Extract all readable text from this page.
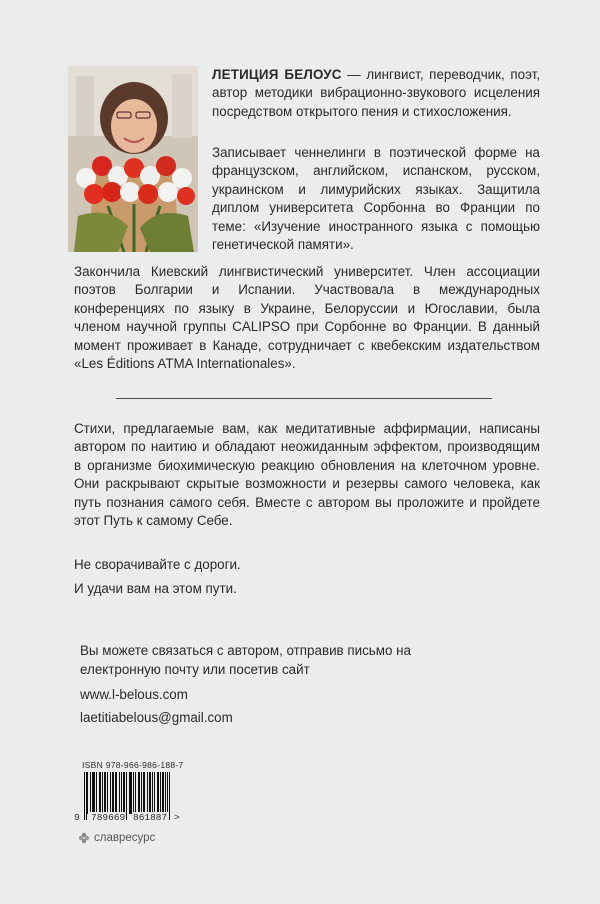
ЛЕТИЦИЯ БЕЛОУС — лингвист, переводчик, поэт, автор методики вибрационно-звукового исцеления посредством открытого пения и стихосложения.

Записывает ченнелинги в поэтической форме на французском, английском, испанском, русском, украинском и лимурийских языках. Защитила диплом университета Сорбонна во Франции по теме: «Изучение иностранного языка с помощью генетической памяти».

Закончила Киевский лингвистический университет. Член ассоциации поэтов Болгарии и Испании. Участвовала в международных конференциях по языку в Украине, Белоруссии и Югославии, была членом научной группы CALIPSO при Сорбонне во Франции. В данный момент проживает в Канаде, сотрудничает с квебекским издательством «Les Éditions ATMA Internationales».

Стихи, предлагаемые вам, как медитативные аффирмации, написаны автором по наитию и обладают неожиданным эффектом, производящим в организме биохимическую реакцию обновления на клеточном уровне. Они раскрывают скрытые возможности и резервы самого человека, как путь познания самого себя. Вместе с автором вы проложите и пройдете этот Путь к самому Себе.

Не сворачивайте с дороги.

И удачи вам на этом пути.

Вы можете связаться с автором, отправив письмо на електронную почту или посетив сайт

www.l-belous.com

laetitiabelous@gmail.com

ISBN 978-966-986-188-7

9 789669 861887 >

славресурс
